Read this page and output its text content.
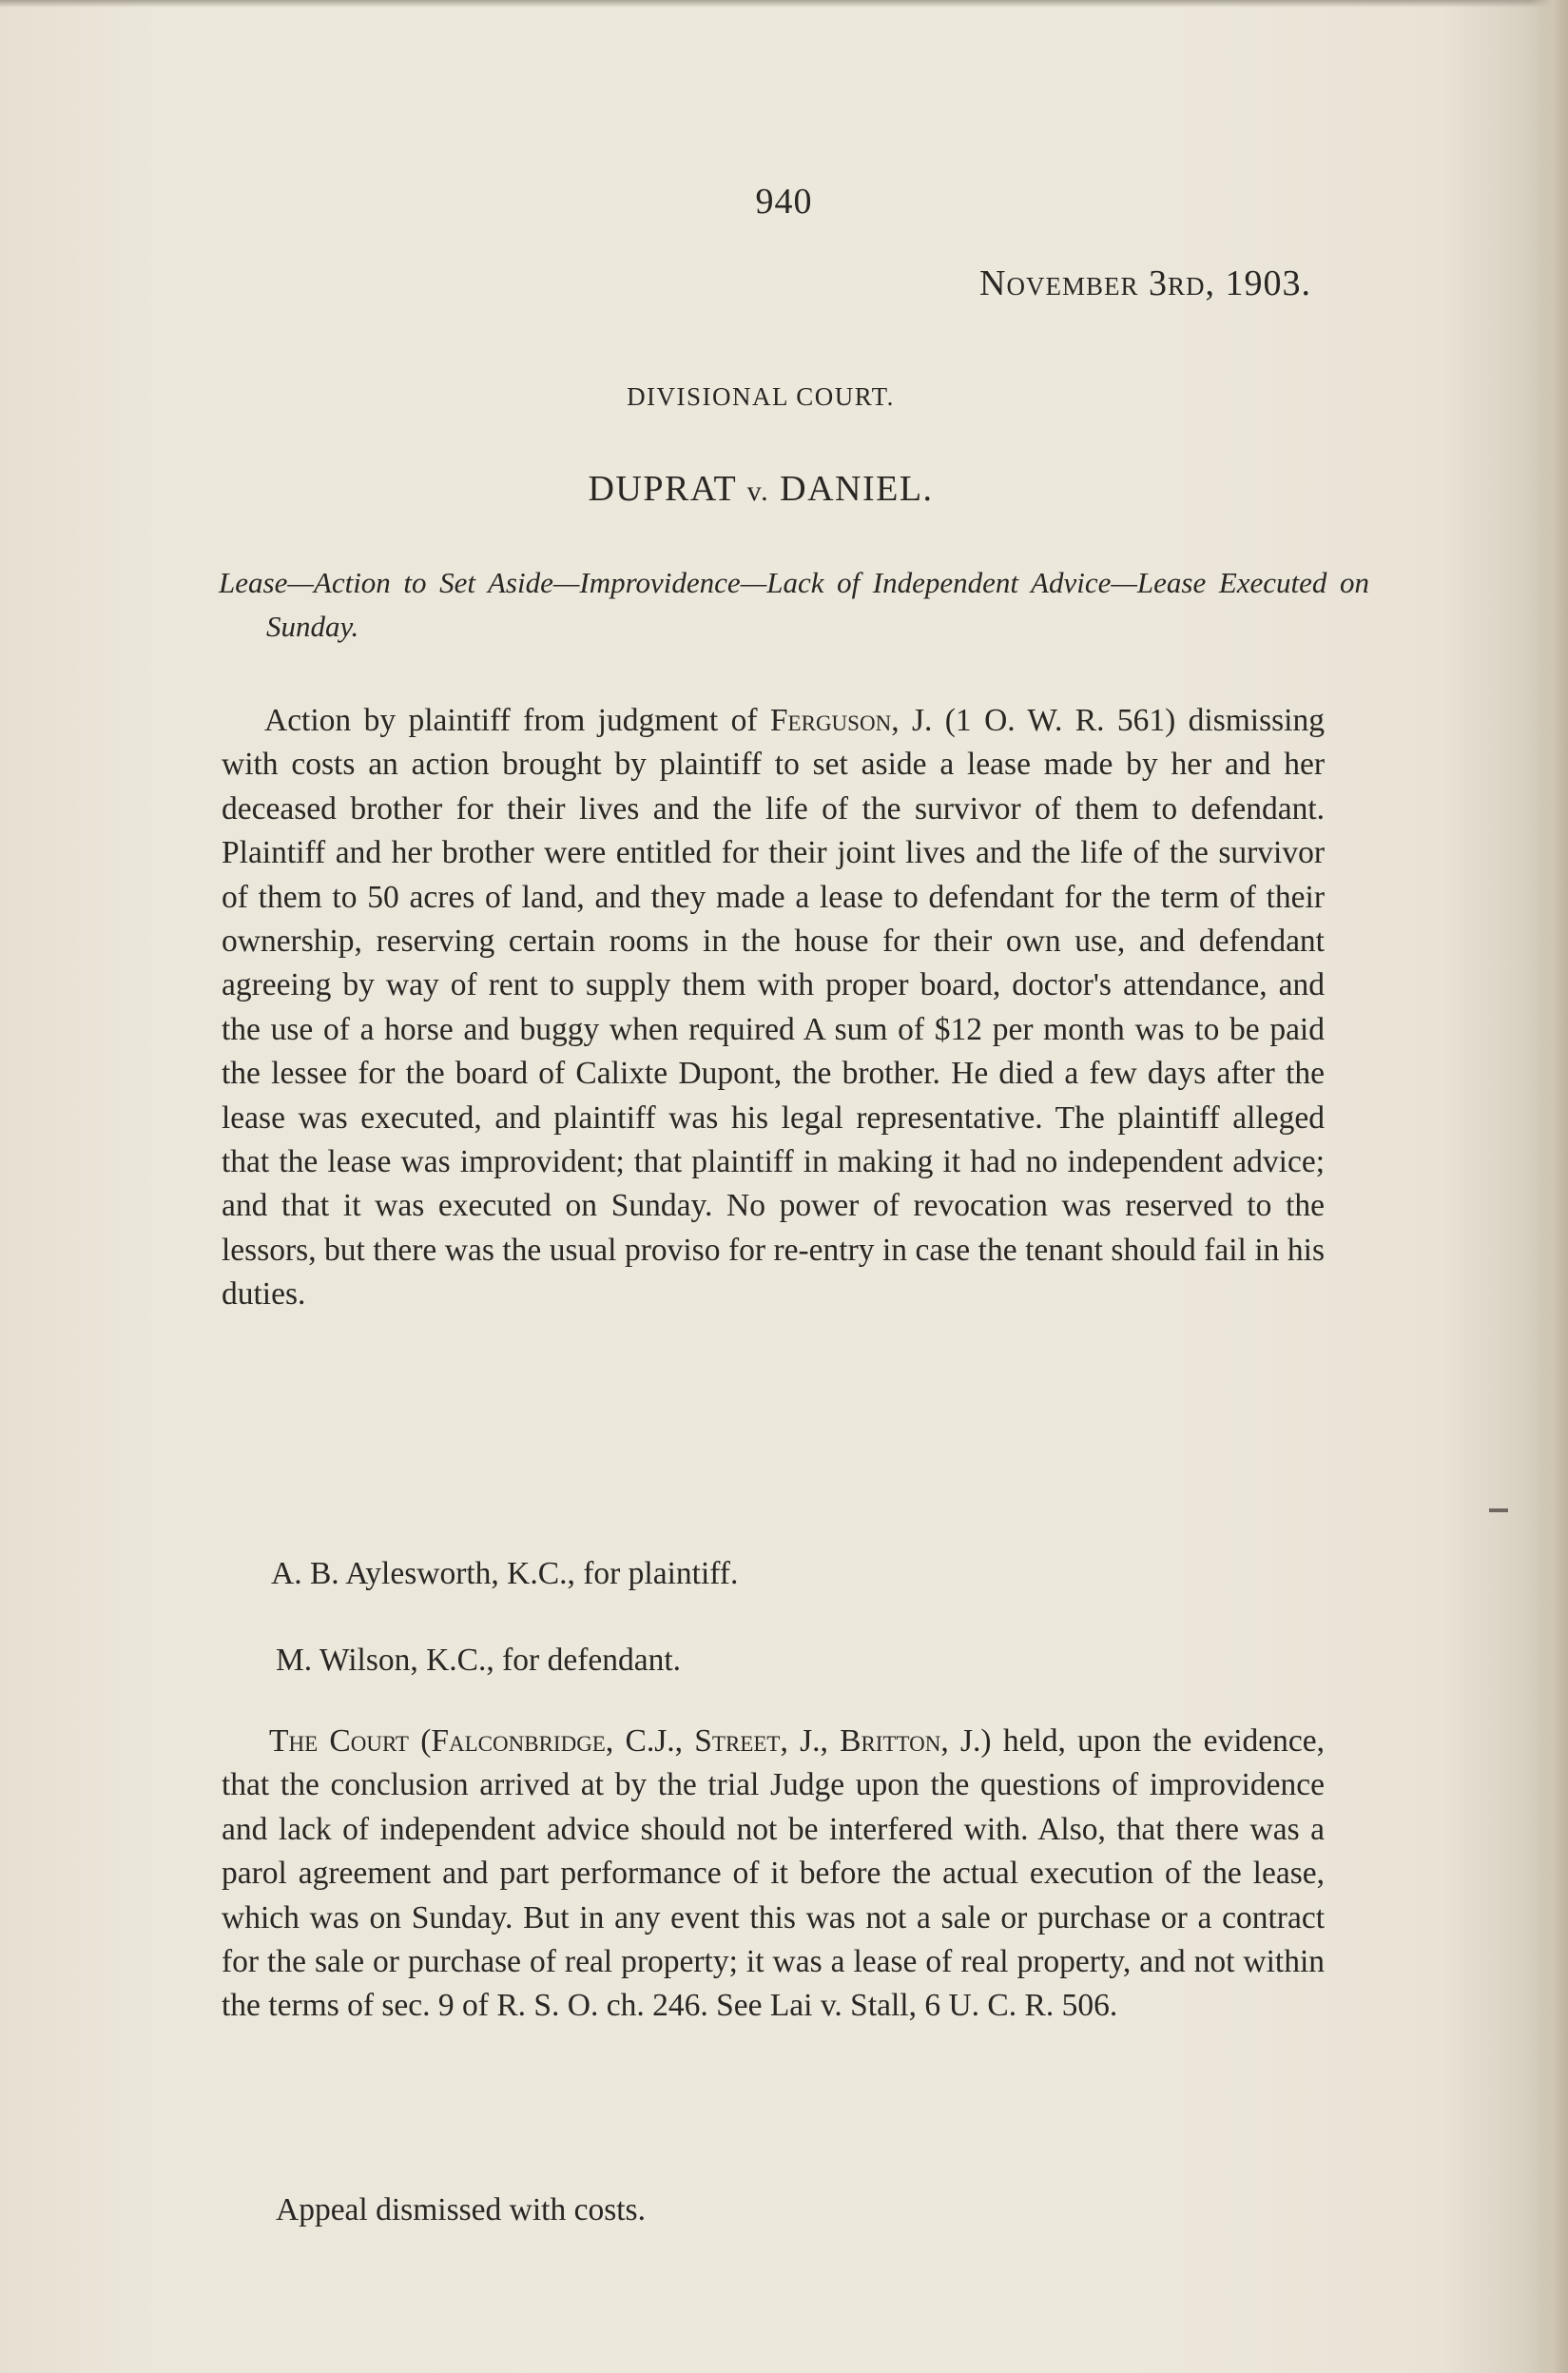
940
November 3rd, 1903.
DIVISIONAL COURT.
DUPRAT v. DANIEL.
Lease—Action to Set Aside—Improvidence—Lack of Independent Advice—Lease Executed on Sunday.

Action by plaintiff from judgment of Ferguson, J. (1 O. W. R. 561) dismissing with costs an action brought by plaintiff to set aside a lease made by her and her deceased brother for their lives and the life of the survivor of them to defendant. Plaintiff and her brother were entitled for their joint lives and the life of the survivor of them to 50 acres of land, and they made a lease to defendant for the term of their ownership, reserving certain rooms in the house for their own use, and defendant agreeing by way of rent to supply them with proper board, doctor's attendance, and the use of a horse and buggy when required A sum of $12 per month was to be paid the lessee for the board of Calixte Dupont, the brother. He died a few days after the lease was executed, and plaintiff was his legal representative. The plaintiff alleged that the lease was improvident; that plaintiff in making it had no independent advice; and that it was executed on Sunday. No power of revocation was reserved to the lessors, but there was the usual proviso for re-entry in case the tenant should fail in his duties.

A. B. Aylesworth, K.C., for plaintiff.
M. Wilson, K.C., for defendant.

The Court (Falconbridge, C.J., Street, J., Britton, J.) held, upon the evidence, that the conclusion arrived at by the trial Judge upon the questions of improvidence and lack of independent advice should not be interfered with. Also, that there was a parol agreement and part performance of it before the actual execution of the lease, which was on Sunday. But in any event this was not a sale or purchase or a contract for the sale or purchase of real property; it was a lease of real property, and not within the terms of sec. 9 of R. S. O. ch. 246. See Lai v. Stall, 6 U. C. R. 506.

Appeal dismissed with costs.
